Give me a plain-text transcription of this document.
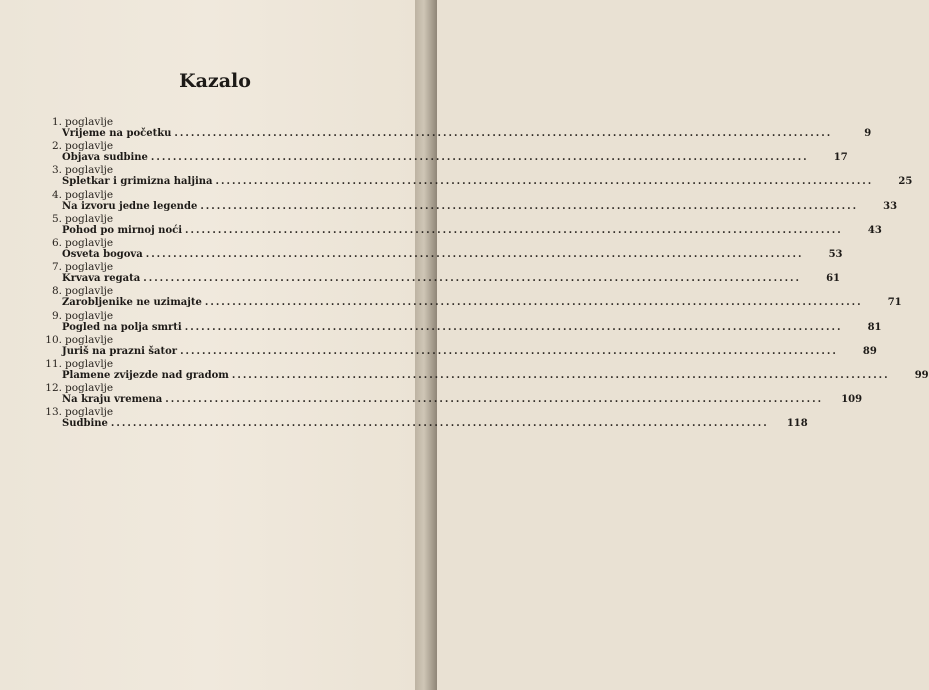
Kazalo
1. poglavlje
Vrijeme na početku ........................................................................................................................	9
2. poglavlje
Objava sudbine ........................................................................................................................	17
3. poglavlje
Spletkar i grimizna haljina ........................................................................................................................	25
4. poglavlje
Na izvoru jedne legende ........................................................................................................................	33
5. poglavlje
Pohod po mirnoj noći ........................................................................................................................	43
6. poglavlje
Osveta bogova ........................................................................................................................	53
7. poglavlje
Krvava regata ........................................................................................................................	61
8. poglavlje
Zarobljenike ne uzimajte ........................................................................................................................	71
9. poglavlje
Pogled na polja smrti ........................................................................................................................	81
10. poglavlje
Juriš na prazni šator ........................................................................................................................	89
11. poglavlje
Plamene zvijezde nad gradom ........................................................................................................................	99
12. poglavlje
Na kraju vremena ........................................................................................................................	109
13. poglavlje
Sudbine ........................................................................................................................	118
